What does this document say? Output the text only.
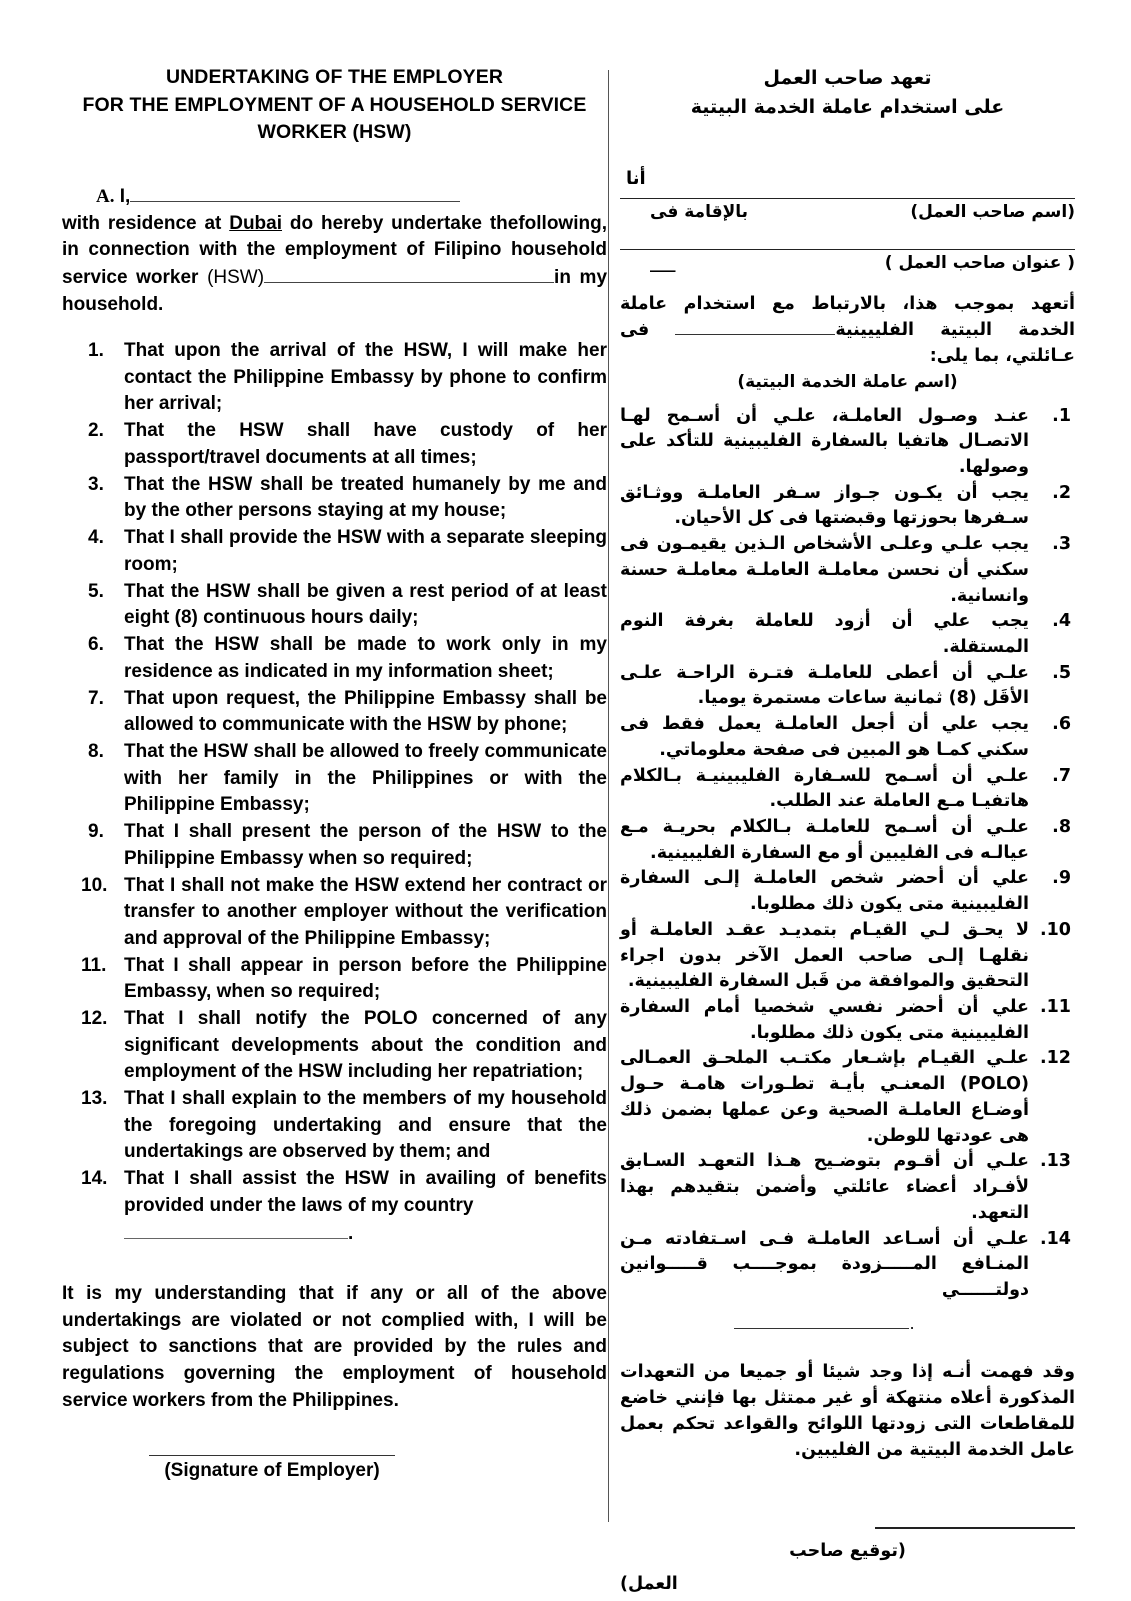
UNDERTAKING OF THE EMPLOYER
FOR THE EMPLOYMENT OF A HOUSEHOLD SERVICE
WORKER (HSW)

A. I,
with residence at Dubai do hereby undertake thefollowing, in connection with the employment of Filipino household service worker (HSW)	in my household.

1.	That upon the arrival of the HSW, I will make her contact the Philippine Embassy by phone to confirm her arrival;
2.	That the HSW shall have custody of her passport/travel documents at all times;
3.	That the HSW shall be treated humanely by me and by the other persons staying at my house;
4.	That I shall provide the HSW with a separate sleeping room;
5.	That the HSW shall be given a rest period of at least eight (8) continuous hours daily;
6.	That the HSW shall be made to work only in my residence as indicated in my information sheet;
7.	That upon request, the Philippine Embassy shall be allowed to communicate with the HSW by phone;
8.	That the HSW shall be allowed to freely communicate with her family in the Philippines or with the Philippine Embassy;
9.	That I shall present the person of the HSW to the Philippine Embassy when so required;
10. That I shall not make the HSW extend her contract or transfer to another employer without the verification and approval of the Philippine Embassy;
11. That I shall appear in person before the Philippine Embassy, when so required;
12. That I shall notify the POLO concerned of any significant developments about the condition and employment of the HSW including her repatriation;
13. That I shall explain to the members of my household the foregoing undertaking and ensure that the undertakings are observed by them; and
14. That I shall assist the HSW in availing of benefits provided under the laws of my country
.

It is my understanding that if any or all of the above undertakings are violated or not complied with, I will be subject to sanctions that are provided by the rules and regulations governing the employment of household service workers from the Philippines.

(Signature of Employer)
تعهد صاحب العمل
على استخدام عاملة الخدمة البيتية
أنا
(اسم صاحب العمل)
بالإقامة فى
( عنوان صاحب العمل )
___

أتعهد بموجب هذا، بالارتباط مع استخدام عاملة الخدمة البيتية الفلييينية فى عـائلتي، بما يلى:

(اسم عاملة الخدمة البيتية)
.1
عنـد وصـول العاملـة، علـي أن أسـمح لهـا الاتصـال هاتفيا بالسفارة الفليبينية للتأكد على وصولها.
.2
يجب أن يكـون جـواز سـفر العاملـة ووثـائق سـفرها بحوزتها وقبضتها فى كل الأحيان.
.3
يجب علـي وعلـى الأشخاص الـذين يقيمـون فى سكني أن نحسن معاملـة العاملـة معاملـة حسنة وانسانية.
.4
يجب علي أن أزود للعاملة بغرفة النوم المستقلة.
.5
علـي أن أعطى للعاملـة فتـرة الراحـة علـى الأقَل (8) ثمانية ساعات مستمرة يوميا.
.6
يجب علي أن أجعل العاملـة يعمل فقط فى سكني كمـا هو المبين فى صفحة معلوماتي.
.7
علـي أن أسـمح للسـفارة الفليبينيـة بـالكلام هاتفيـا مـع العاملة عند الطلب.
.8
علـي أن أسـمح للعاملـة بـالكلام بحريـة مـع عيالـه فى الفليبين أو مع السفارة الفليبينية.
.9
علي أن أحضر شخص العاملـة إلـى السفارة الفليبينية متى يكون ذلك مطلوبا.
.10
لا يحـق لـي القيـام بتمديـد عقـد العاملـة أو نقلهـا إلـى صاحب العمل الآخر بدون اجراء التحقيق والموافقة من قَبل السفارة الفليبينية.
.11
علي أن أحضر نفسي شخصيا أمام السفارة الفليبينية متى يكون ذلك مطلوبا.
.12
علـي القيـام بإشـعار مكتـب الملحـق العمـالى (POLO) المعنـي بأيـة تطـورات هامـة حـول أوضـاع العاملـة الصحية وعن عملها بضمن ذلك هى عودتها للوطن.
.13
علـي أن أقـوم بتوضـيح هـذا التعهـد السـابق لأفـراد أعضاء عائلتي وأضمن بتقيدهم بهذا التعهد.
.14
علـي أن أسـاعد العاملـة فـى اسـتفادته مـن المنـافع المـــــزودة بموجــــب قـــــوانين دولتــــــي
.

وقد فهمت أنـه إذا وجد شيئا أو جميعا من التعهدات المذكورة أعلاه منتهكة أو غير ممتثل بها فإنني خاضع للمقاطعات التى زودتها اللوائح والقواعد تحكم بعمل عامل الخدمة البيتية من الفليبين.

(توقيع صاحب
العمل)
